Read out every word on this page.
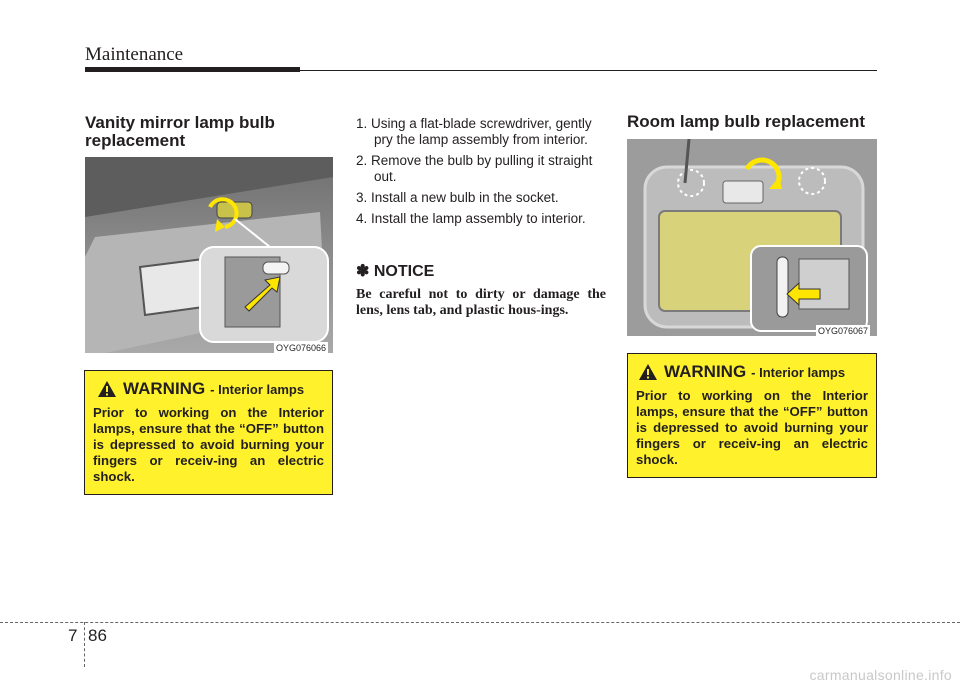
Maintenance
Vanity mirror lamp bulb
replacement
OYG076066
WARNING - Interior lamps
Prior to working on the Interior lamps, ensure that the “OFF” button is depressed to avoid burning your fingers or receiv-ing an electric shock.
1. Using a flat-blade screwdriver, gently pry the lamp assembly from interior.
2. Remove the bulb by pulling it straight out.
3. Install a new bulb in the socket.
4. Install the lamp assembly to interior.
✽ NOTICE
Be careful not to dirty or damage the lens, lens tab, and plastic hous-ings.
Room lamp bulb replacement
OYG076067
WARNING - Interior lamps
Prior to working on the Interior lamps, ensure that the “OFF” button is depressed to avoid burning your fingers or receiv-ing an electric shock.
7 86
carmanualsonline.info
